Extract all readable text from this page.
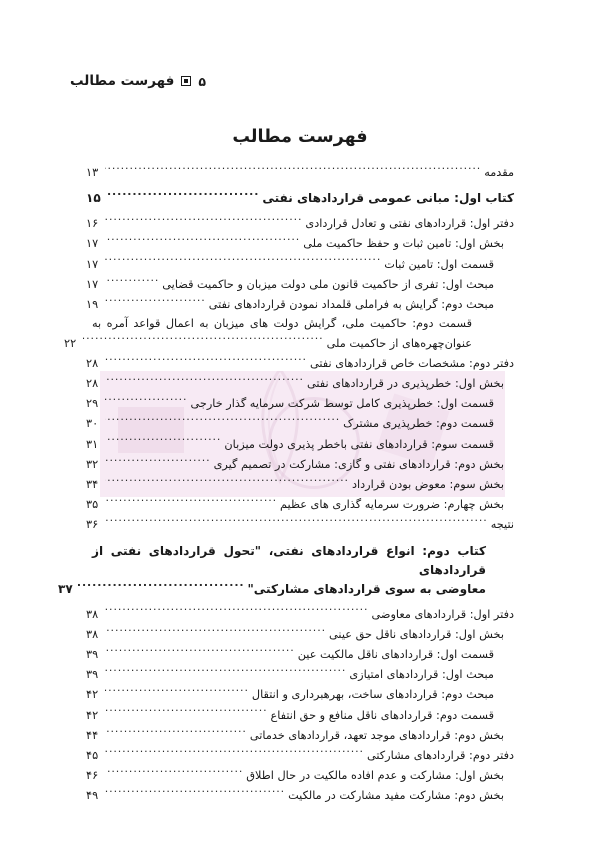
فهرست مطالب ۵
فهرست مطالب
مقدمه
.....
۱۳
کتاب اول: مبانی عمومی قراردادهای نفتی
.....
۱۵
دفتر اول: قراردادهای نفتی و تعادل قراردادی
.....
۱۶
بخش اول: تامین ثبات و حفظ حاکمیت ملی
.....
۱۷
قسمت اول: تامین ثبات
.....
۱۷
مبحث اول: تفری از حاکمیت قانون ملی دولت میزبان و حاکمیت قضایی
.....
۱۷
مبحث دوم: گرایش به فراملی قلمداد نمودن قراردادهای نفتی
.....
۱۹
قسمت دوم: حاکمیت ملی، گرایش دولت های میزبان به اعمال قواعد آمره به
عنوان‌چهره‌های از حاکمیت ملی
.....
۲۲
دفتر دوم: مشخصات خاص قراردادهای نفتی
.....
۲۸
بخش اول: خطرپذیری در قراردادهای نفتی
.....
۲۸
قسمت اول: خطرپذیری کامل توسط شرکت سرمایه گذار خارجی
.....
۲۹
قسمت دوم: خطرپذیری مشترک
.....
۳۰
قسمت سوم: قراردادهای نفتی باخطر پذیری دولت میزبان
.....
۳۱
بخش دوم: قراردادهای نفتی و گازی: مشارکت در تصمیم گیری
.....
۳۲
بخش سوم: معوض بودن قرارداد
.....
۳۴
بخش چهارم: ضرورت سرمایه گذاری های عظیم
.....
۳۵
نتیجه
.....
۳۶
کتاب دوم: انواع قراردادهای نفتی، "تحول قراردادهای نفتی از قراردادهای
معاوضی به سوی قراردادهای مشارکتی"
.....
۳۷
دفتر اول: قراردادهای معاوضی
.....
۳۸
بخش اول: قراردادهای ناقل حق عینی
.....
۳۸
قسمت اول: قراردادهای ناقل مالکیت عین
.....
۳۹
مبحث اول: قراردادهای امتیازی
.....
۳۹
مبحث دوم: قراردادهای ساخت، بهرهبرداری و انتقال
.....
۴۲
قسمت دوم: قراردادهای ناقل منافع و حق انتفاع
.....
۴۲
بخش دوم: قراردادهای موجد تعهد، قراردادهای خدماتی
.....
۴۴
دفتر دوم: قراردادهای مشارکتی
.....
۴۵
بخش اول: مشارکت و عدم افاده مالکیت در حال اطلاق
.....
۴۶
بخش دوم: مشارکت مفید مشارکت در مالکیت
.....
۴۹
